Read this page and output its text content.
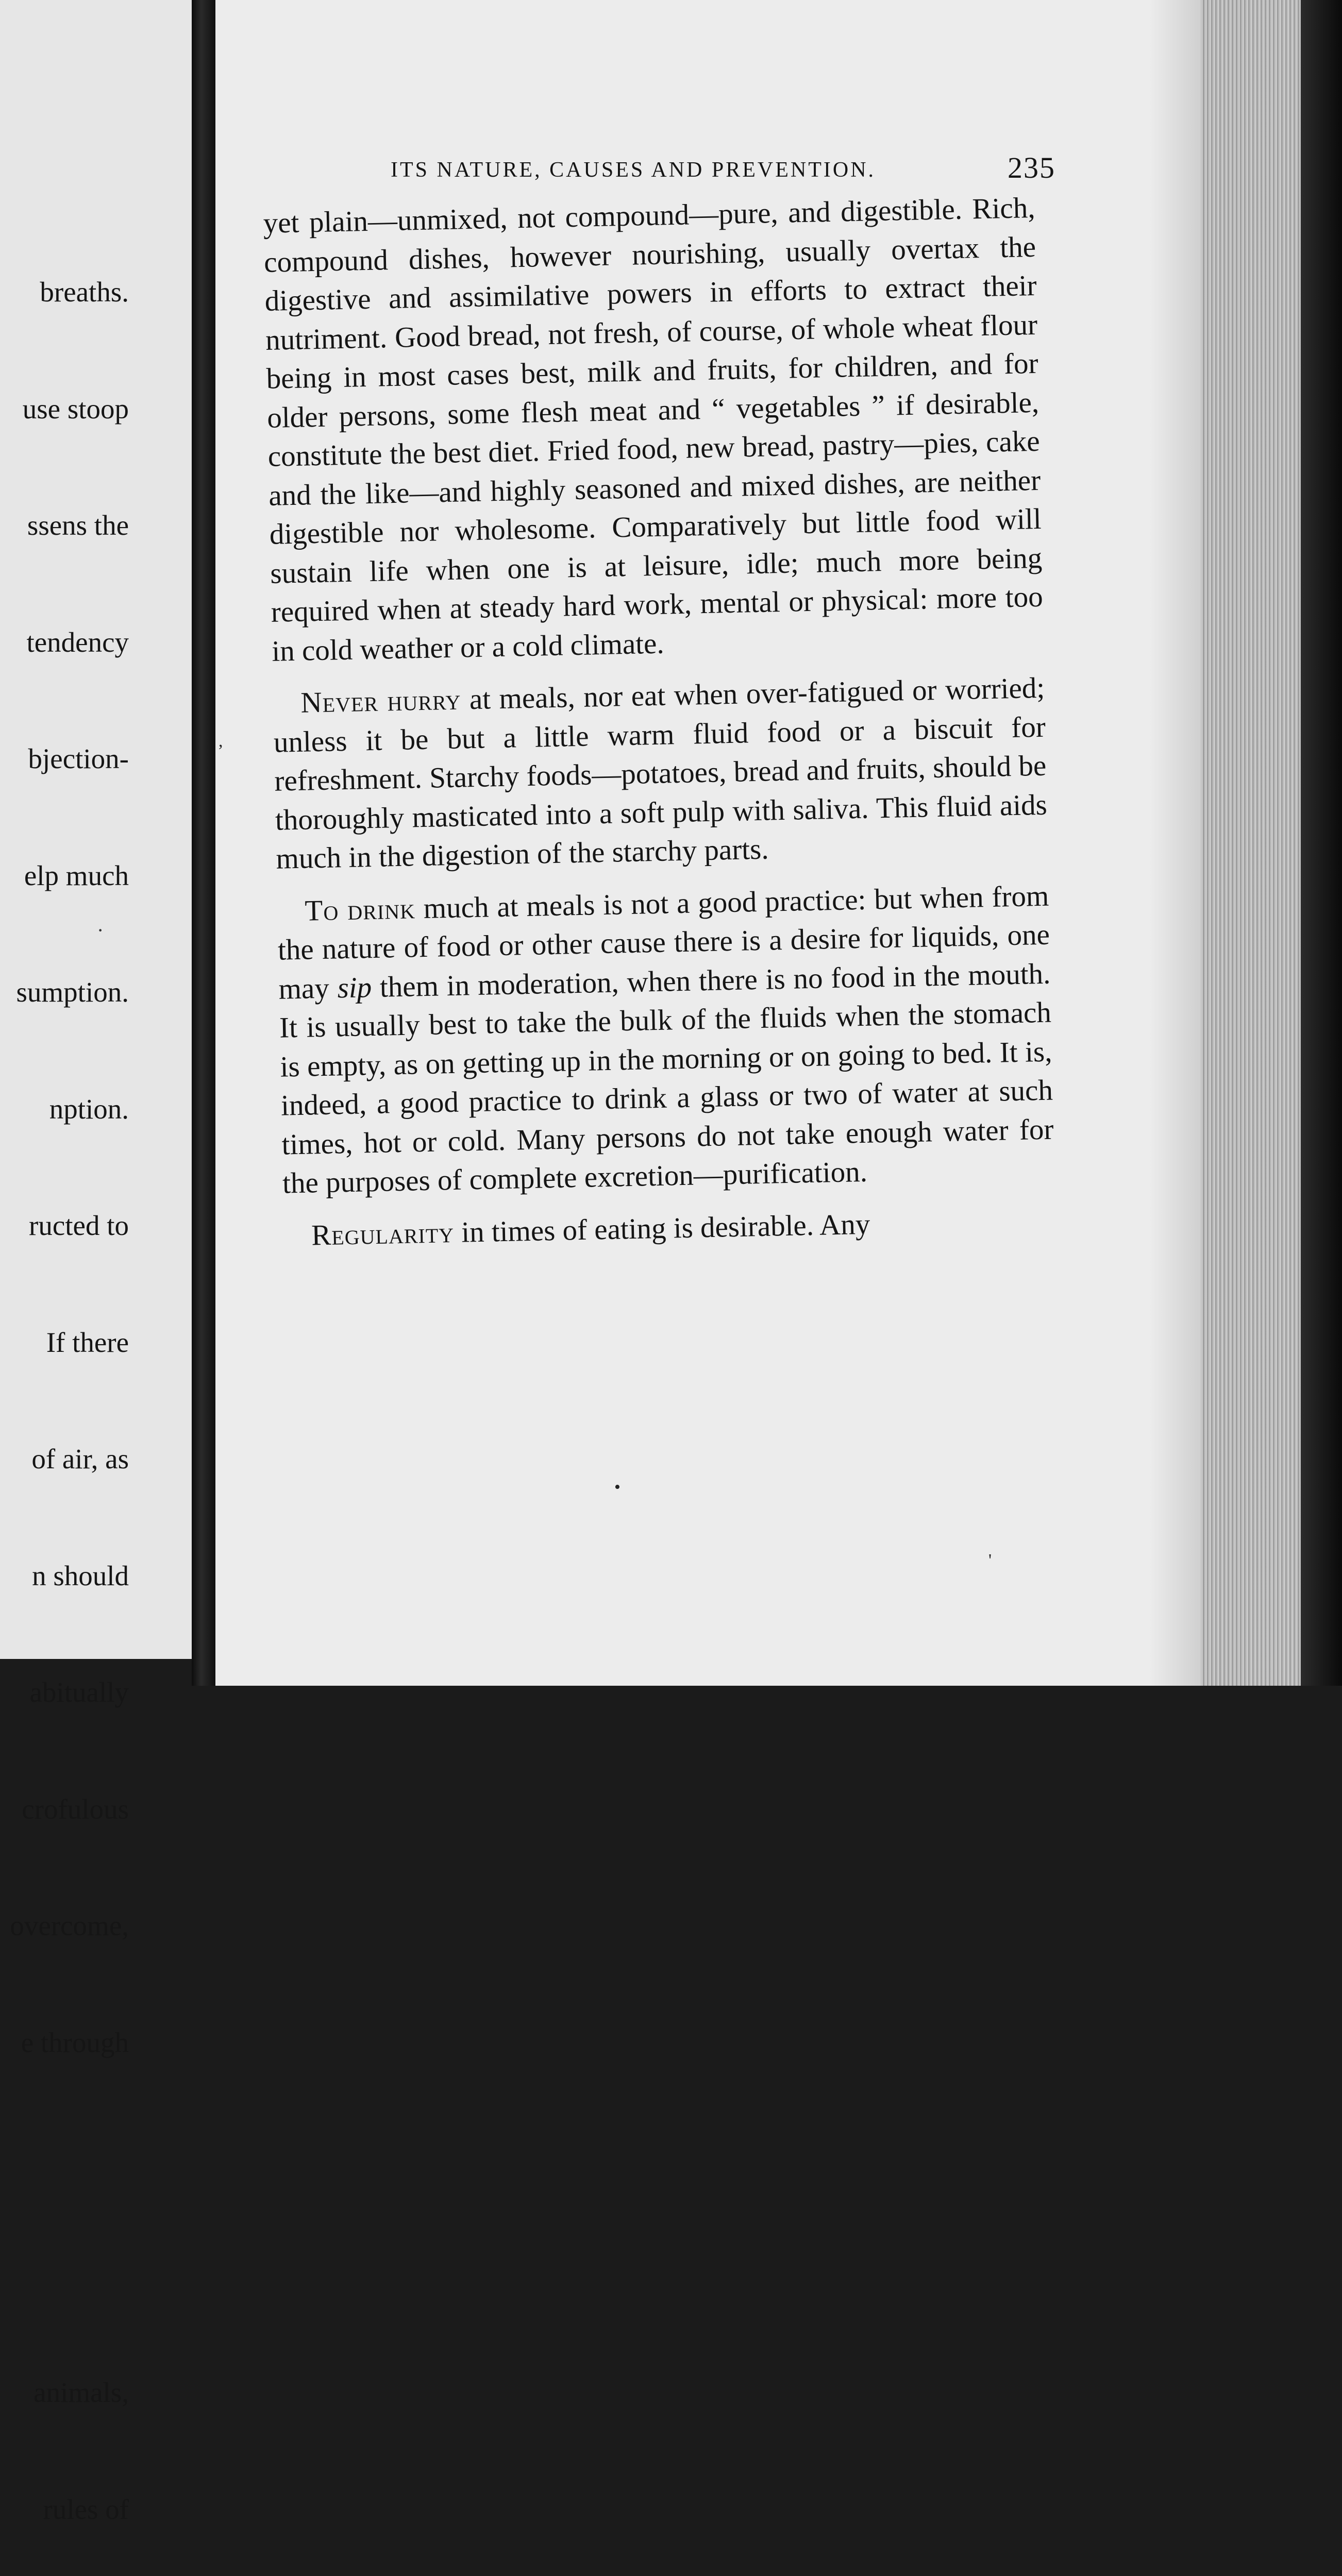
breaths.

use stoop

ssens the

tendency

bjection-

elp much

sumption.

nption.

ructed to

If there

of air, as

n should

abitually

crofulous

overcome,

e through

animals,

rules of

·
ITS NATURE, CAUSES AND PREVENTION.	235

yet plain—unmixed, not compound—pure, and digestible. Rich, compound dishes, however nourishing, usually overtax the digestive and assimilative powers in efforts to extract their nutriment. Good bread, not fresh, of course, of whole wheat flour being in most cases best, milk and fruits, for children, and for older persons, some flesh meat and “ vegetables ” if desirable, constitute the best diet. Fried food, new bread, pastry—pies, cake and the like—and highly seasoned and mixed dishes, are neither digestible nor wholesome. Comparatively but little food will sustain life when one is at leisure, idle; much more being required when at steady hard work, mental or physical: more too in cold weather or a cold climate.

Never hurry at meals, nor eat when over-fatigued or worried; unless it be but a little warm fluid food or a biscuit for refreshment. Starchy foods—potatoes, bread and fruits, should be thoroughly masticated into a soft pulp with saliva. This fluid aids much in the digestion of the starchy parts.

To drink much at meals is not a good practice: but when from the nature of food or other cause there is a desire for liquids, one may sip them in moderation, when there is no food in the mouth. It is usually best to take the bulk of the fluids when the stomach is empty, as on getting up in the morning or on going to bed. It is, indeed, a good practice to drink a glass or two of water at such times, hot or cold. Many persons do not take enough water for the purposes of complete excretion—purification.

Regularity in times of eating is desirable. Any

•
,
'
